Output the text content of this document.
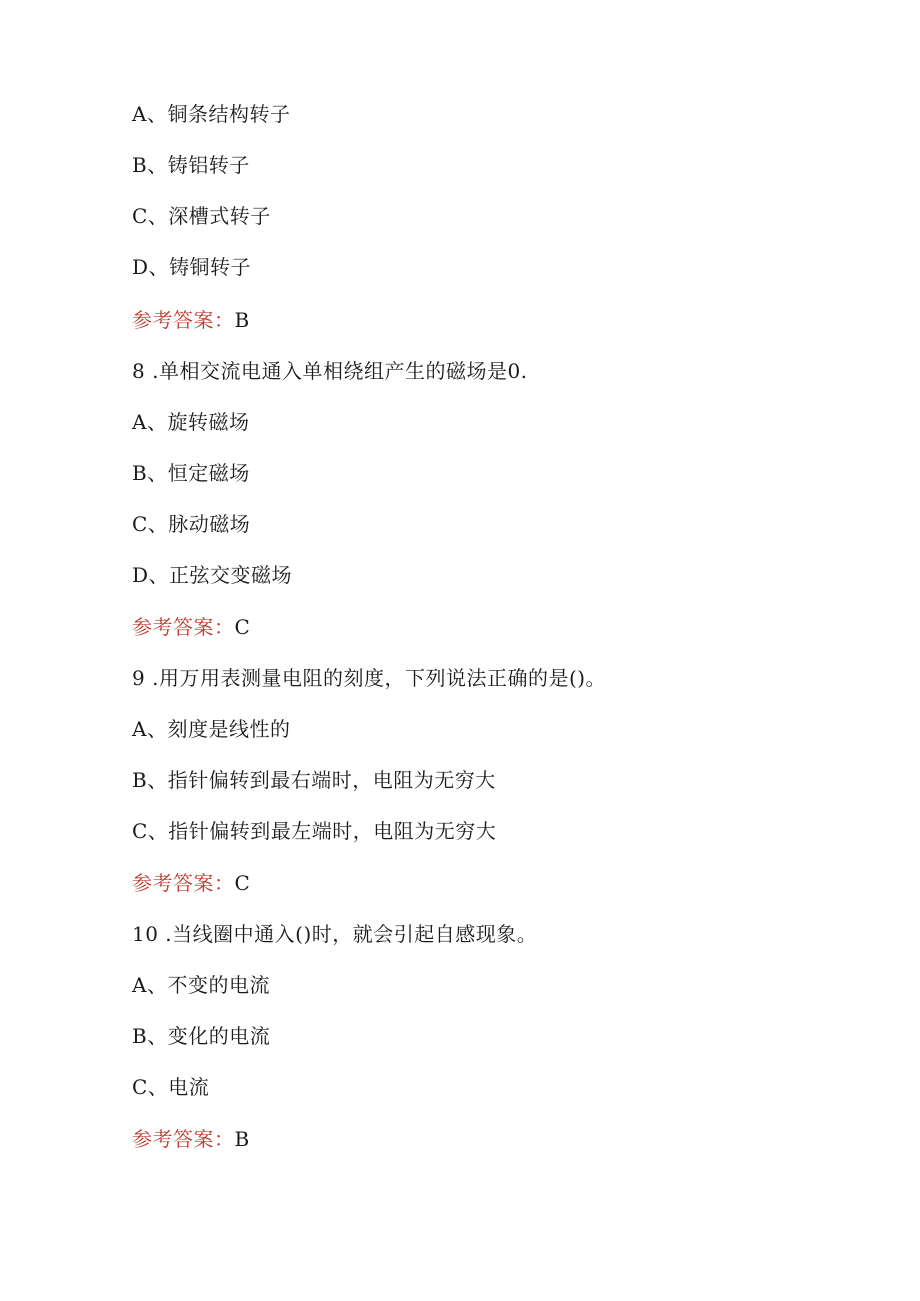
A、铜条结构转子
B、铸铝转子
C、深槽式转子
D、铸铜转子
参考答案：B
8 .单相交流电通入单相绕组产生的磁场是0.
A、旋转磁场
B、恒定磁场
C、脉动磁场
D、正弦交变磁场
参考答案：C
9 .用万用表测量电阻的刻度，下列说法正确的是()。
A、刻度是线性的
B、指针偏转到最右端时，电阻为无穷大
C、指针偏转到最左端时，电阻为无穷大
参考答案：C
10 .当线圈中通入()时，就会引起自感现象。
A、不变的电流
B、变化的电流
C、电流
参考答案：B
